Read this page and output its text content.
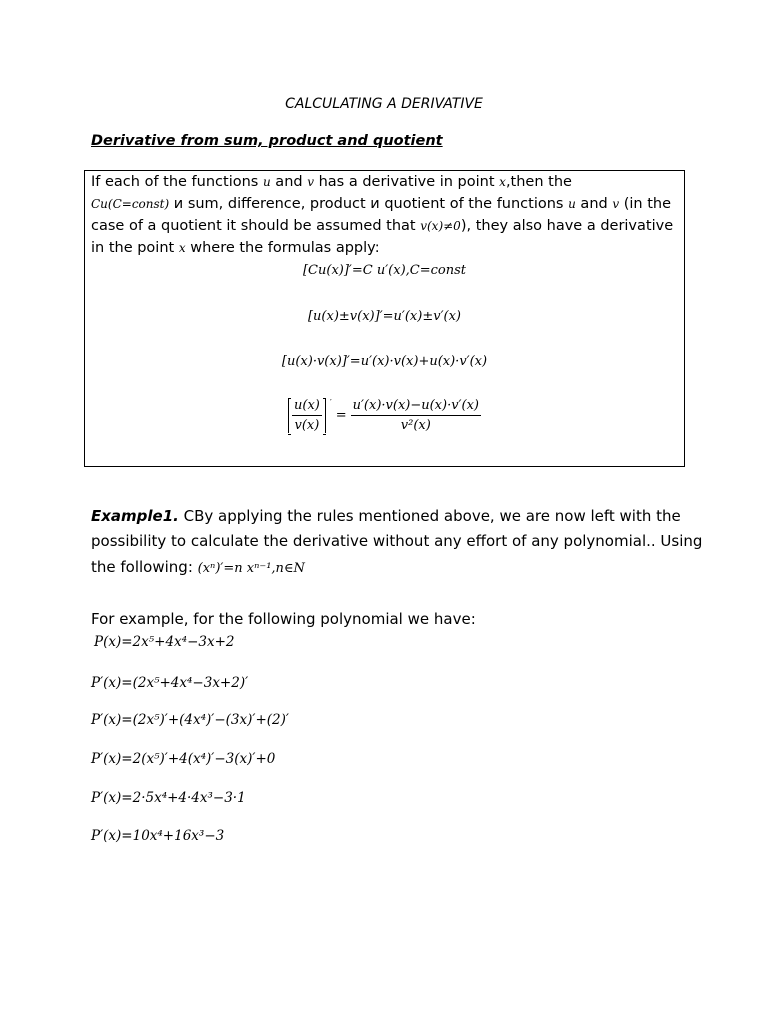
CALCULATING A DERIVATIVE
Derivative from sum, product and quotient
If each of the functions u and v has a derivative in point x,then the
Cu(C=const) и sum, difference, product и quotient of the functions u and v (in the
case of a quotient it should be assumed that v(x)≠0), they also have a derivative
in the point x where the formulas apply:
[Cu(x)]′=C u′(x),C=const
[u(x)±v(x)]′=u′(x)±v′(x)
[u(x)·v(x)]′=u′(x)·v(x)+u(x)·v′(x)
$\frac{u(x)}{v(x)} '$
= $\frac{u'(x)\cdot v(x)-u(x)\cdot v'(x)}{\text{v²(x)}}$
Example1. CBy applying the rules mentioned above, we are now left with the
possibility to calculate the derivative without any effort of any polynomial.. Using
the following: (xⁿ)′=n xⁿ⁻¹,n∈N
For example, for the following polynomial we have:
P(x)=2x⁵+4x⁴−3x+2
P′(x)=(2x⁵+4x⁴−3x+2)′
P′(x)=(2x⁵)′+(4x⁴)′−(3x)′+(2)′
P′(x)=2(x⁵)′+4(x⁴)′−3(x)′+0
P′(x)=2·5x⁴+4·4x³−3·1
P′(x)=10x⁴+16x³−3
